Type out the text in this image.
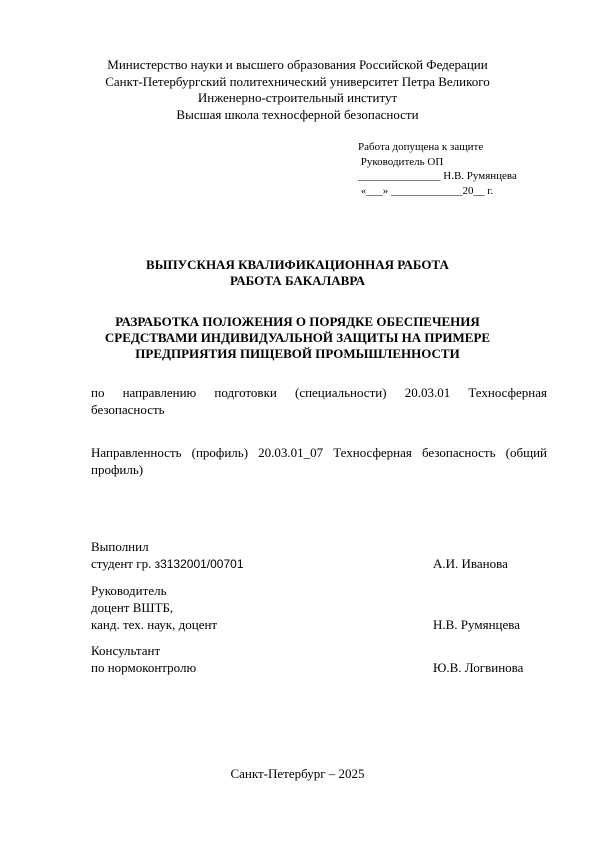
Министерство науки и высшего образования Российской Федерации
Санкт-Петербургский политехнический университет Петра Великого
Инженерно-строительный институт
Высшая школа техносферной безопасности
Работа допущена к защите
Руководитель ОП
_______________ Н.В. Румянцева
«___» _____________20__ г.
ВЫПУСКНАЯ КВАЛИФИКАЦИОННАЯ РАБОТА
РАБОТА БАКАЛАВРА
РАЗРАБОТКА ПОЛОЖЕНИЯ О ПОРЯДКЕ ОБЕСПЕЧЕНИЯ
СРЕДСТВАМИ ИНДИВИДУАЛЬНОЙ ЗАЩИТЫ НА ПРИМЕРЕ
ПРЕДПРИЯТИЯ ПИЩЕВОЙ ПРОМЫШЛЕННОСТИ
по направлению подготовки (специальности) 20.03.01 Техносферная
безопасность
Направленность (профиль) 20.03.01_07 Техносферная безопасность (общий
профиль)
Выполнил
студент гр. з3132001/00701	А.И. Иванова
Руководитель
доцент ВШТБ,
канд. тех. наук, доцент	Н.В. Румянцева
Консультант
по нормоконтролю	Ю.В. Логвинова
Санкт-Петербург – 2025
